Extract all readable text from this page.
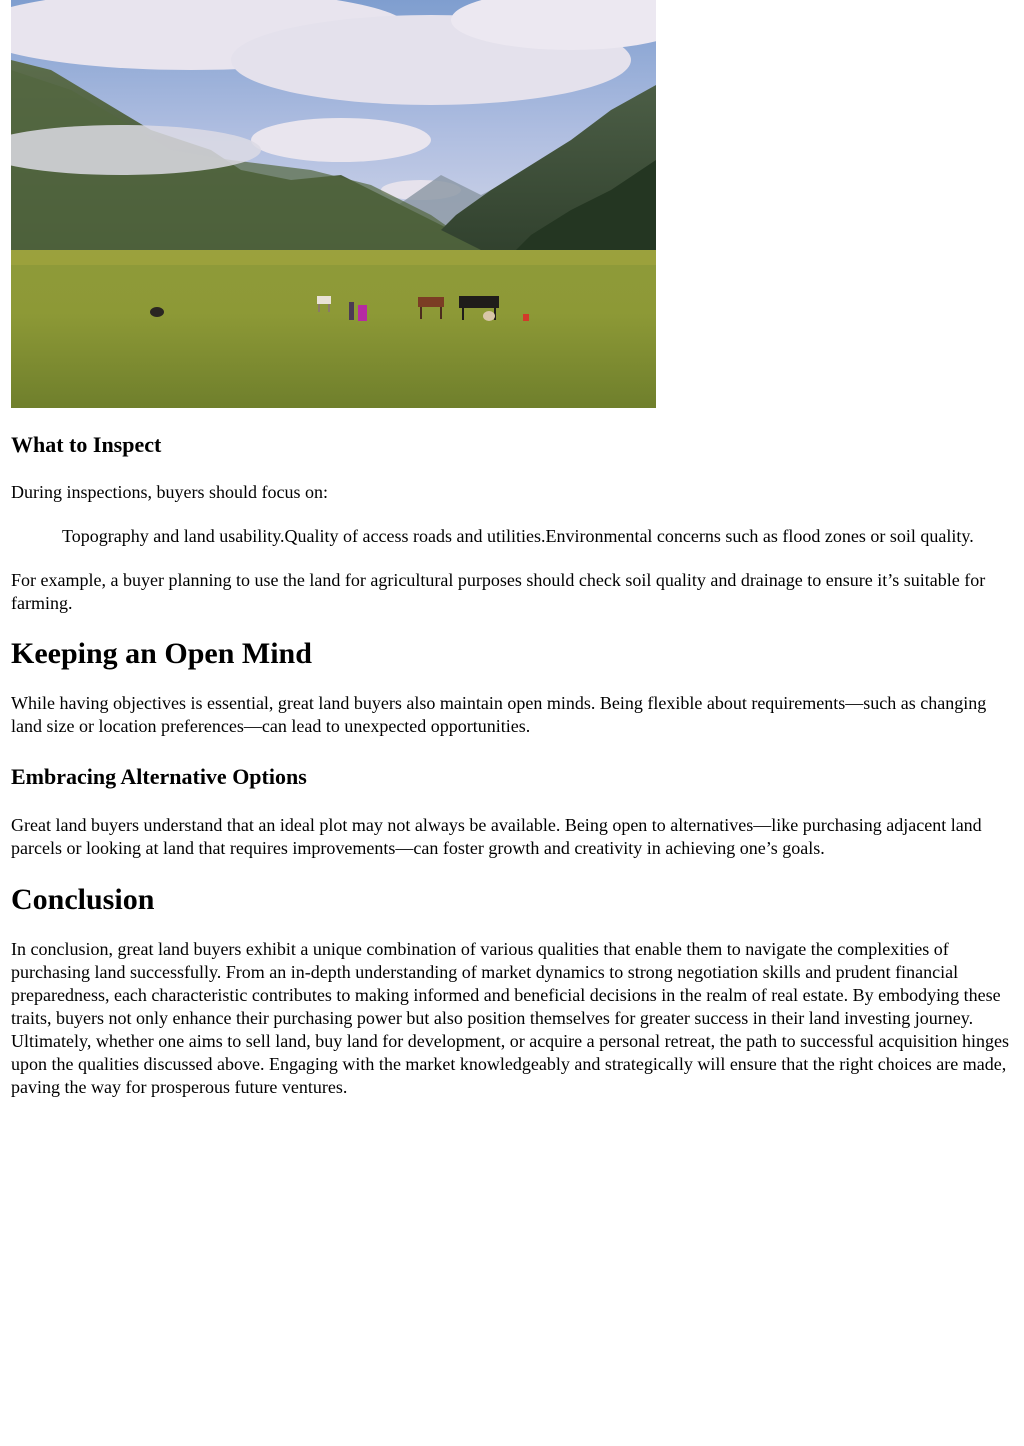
What to Inspect

During inspections, buyers should focus on:

Topography and land usability.Quality of access roads and utilities.Environmental concerns such as flood zones or soil quality.

For example, a buyer planning to use the land for agricultural purposes should check soil quality and drainage to ensure it’s suitable for farming.

Keeping an Open Mind

While having objectives is essential, great land buyers also maintain open minds. Being flexible about requirements—such as changing land size or location preferences—can lead to unexpected opportunities.

Embracing Alternative Options

Great land buyers understand that an ideal plot may not always be available. Being open to alternatives—like purchasing adjacent land parcels or looking at land that requires improvements—can foster growth and creativity in achieving one’s goals.

Conclusion

In conclusion, great land buyers exhibit a unique combination of various qualities that enable them to navigate the complexities of purchasing land successfully. From an in-depth understanding of market dynamics to strong negotiation skills and prudent financial preparedness, each characteristic contributes to making informed and beneficial decisions in the realm of real estate. By embodying these traits, buyers not only enhance their purchasing power but also position themselves for greater success in their land investing journey. Ultimately, whether one aims to sell land, buy land for development, or acquire a personal retreat, the path to successful acquisition hinges upon the qualities discussed above. Engaging with the market knowledgeably and strategically will ensure that the right choices are made, paving the way for prosperous future ventures.
